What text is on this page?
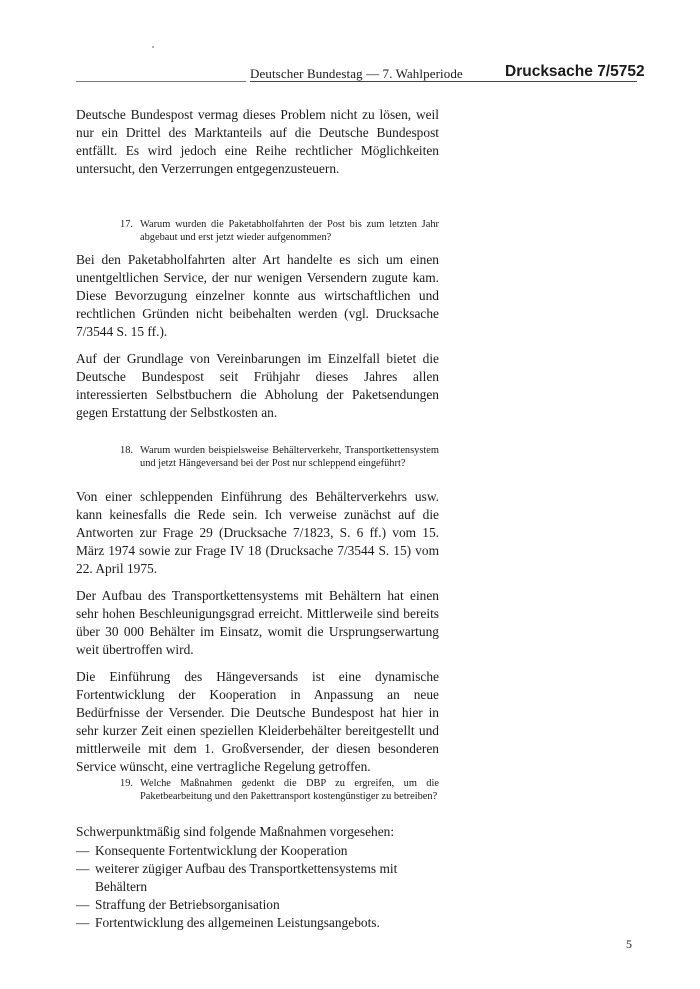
Deutscher Bundestag — 7. Wahlperiode	Drucksache 7/5752

Deutsche Bundespost vermag dieses Problem nicht zu lösen, weil nur ein Drittel des Marktanteils auf die Deutsche Bundespost entfällt. Es wird jedoch eine Reihe rechtlicher Möglichkeiten untersucht, den Verzerrungen entgegenzusteuern.

17. Warum wurden die Paketabholfahrten der Post bis zum letzten Jahr abgebaut und erst jetzt wieder aufgenommen?

Bei den Paketabholfahrten alter Art handelte es sich um einen unentgeltlichen Service, der nur wenigen Versendern zugute kam. Diese Bevorzugung einzelner konnte aus wirtschaftlichen und rechtlichen Gründen nicht beibehalten werden (vgl. Drucksache 7/3544 S. 15 ff.).

Auf der Grundlage von Vereinbarungen im Einzelfall bietet die Deutsche Bundespost seit Frühjahr dieses Jahres allen interessierten Selbstbuchern die Abholung der Paketsendungen gegen Erstattung der Selbstkosten an.

18. Warum wurden beispielsweise Behälterverkehr, Transportkettensystem und jetzt Hängeversand bei der Post nur schleppend eingeführt?

Von einer schleppenden Einführung des Behälterverkehrs usw. kann keinesfalls die Rede sein. Ich verweise zunächst auf die Antworten zur Frage 29 (Drucksache 7/1823, S. 6 ff.) vom 15. März 1974 sowie zur Frage IV 18 (Drucksache 7/3544 S. 15) vom 22. April 1975.

Der Aufbau des Transportkettensystems mit Behältern hat einen sehr hohen Beschleunigungsgrad erreicht. Mittlerweile sind bereits über 30 000 Behälter im Einsatz, womit die Ursprungserwartung weit übertroffen wird.

Die Einführung des Hängeversands ist eine dynamische Fortentwicklung der Kooperation in Anpassung an neue Bedürfnisse der Versender. Die Deutsche Bundespost hat hier in sehr kurzer Zeit einen speziellen Kleiderbehälter bereitgestellt und mittlerweile mit dem 1. Großversender, der diesen besonderen Service wünscht, eine vertragliche Regelung getroffen.

19. Welche Maßnahmen gedenkt die DBP zu ergreifen, um die Paketbearbeitung und den Pakettransport kostengünstiger zu betreiben?

Schwerpunktmäßig sind folgende Maßnahmen vorgesehen:

— Konsequente Fortentwicklung der Kooperation
— weiterer zügiger Aufbau des Transportkettensystems mit Behältern
— Straffung der Betriebsorganisation
— Fortentwicklung des allgemeinen Leistungsangebots.
5
